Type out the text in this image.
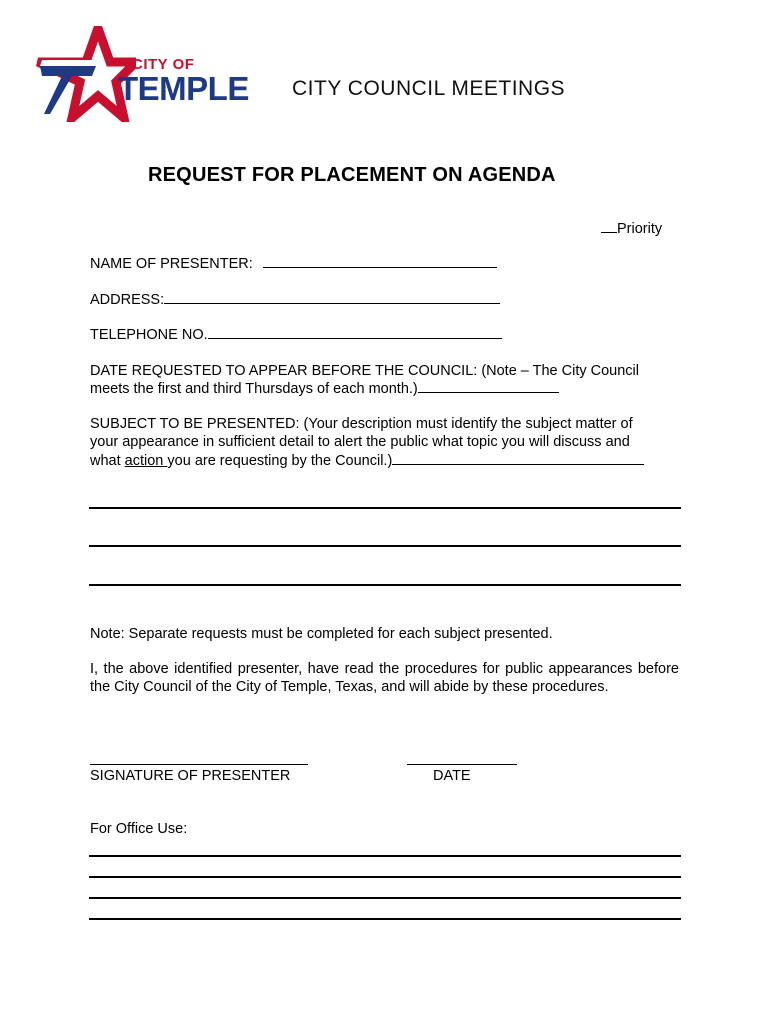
CITY OF
TEMPLE CITY COUNCIL MEETINGS
REQUEST FOR PLACEMENT ON AGENDA
Priority
NAME OF PRESENTER:
ADDRESS:
TELEPHONE NO.
DATE REQUESTED TO APPEAR BEFORE THE COUNCIL: (Note – The City Council
meets the first and third Thursdays of each month.)
SUBJECT TO BE PRESENTED: (Your description must identify the subject matter of
your appearance in sufficient detail to alert the public what topic you will discuss and
what action you are requesting by the Council.)
Note: Separate requests must be completed for each subject presented.
I, the above identified presenter, have read the procedures for public appearances before the City Council of the City of Temple, Texas, and will abide by these procedures.
SIGNATURE OF PRESENTER	DATE
For Office Use:
